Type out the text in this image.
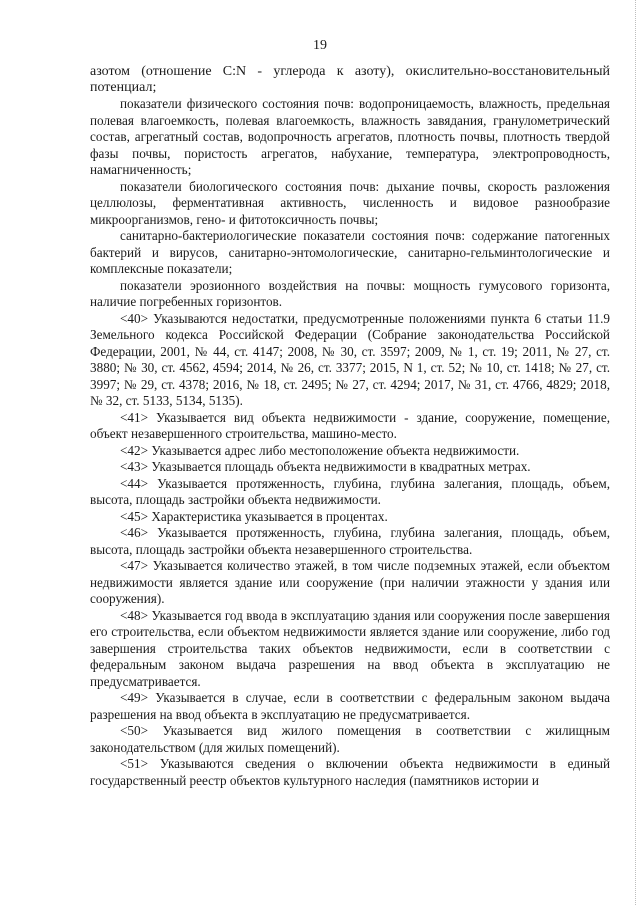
19

азотом (отношение C:N - углерода к азоту), окислительно-восстановительный потенциал;

показатели физического состояния почв: водопроницаемость, влажность, предельная полевая влагоемкость, полевая влагоемкость, влажность завядания, гранулометрический состав, агрегатный состав, водопрочность агрегатов, плотность почвы, плотность твердой фазы почвы, пористость агрегатов, набухание, температура, электропроводность, намагниченность;

показатели биологического состояния почв: дыхание почвы, скорость разложения целлюлозы, ферментативная активность, численность и видовое разнообразие микроорганизмов, гено- и фитотоксичность почвы;

санитарно-бактериологические показатели состояния почв: содержание патогенных бактерий и вирусов, санитарно-энтомологические, санитарно-гельминтологические и комплексные показатели;

показатели эрозионного воздействия на почвы: мощность гумусового горизонта, наличие погребенных горизонтов.

<40> Указываются недостатки, предусмотренные положениями пункта 6 статьи 11.9 Земельного кодекса Российской Федерации (Собрание законодательства Российской Федерации, 2001, № 44, ст. 4147; 2008, № 30, ст. 3597; 2009, № 1, ст. 19; 2011, № 27, ст. 3880; № 30, ст. 4562, 4594; 2014, № 26, ст. 3377; 2015, N 1, ст. 52; № 10, ст. 1418; № 27, ст. 3997; № 29, ст. 4378; 2016, № 18, ст. 2495; № 27, ст. 4294; 2017, № 31, ст. 4766, 4829; 2018, № 32, ст. 5133, 5134, 5135).

<41> Указывается вид объекта недвижимости - здание, сооружение, помещение, объект незавершенного строительства, машино-место.

<42> Указывается адрес либо местоположение объекта недвижимости.

<43> Указывается площадь объекта недвижимости в квадратных метрах.

<44> Указывается протяженность, глубина, глубина залегания, площадь, объем, высота, площадь застройки объекта недвижимости.

<45> Характеристика указывается в процентах.

<46> Указывается протяженность, глубина, глубина залегания, площадь, объем, высота, площадь застройки объекта незавершенного строительства.

<47> Указывается количество этажей, в том числе подземных этажей, если объектом недвижимости является здание или сооружение (при наличии этажности у здания или сооружения).

<48> Указывается год ввода в эксплуатацию здания или сооружения после завершения его строительства, если объектом недвижимости является здание или сооружение, либо год завершения строительства таких объектов недвижимости, если в соответствии с федеральным законом выдача разрешения на ввод объекта в эксплуатацию не предусматривается.

<49> Указывается в случае, если в соответствии с федеральным законом выдача разрешения на ввод объекта в эксплуатацию не предусматривается.

<50> Указывается вид жилого помещения в соответствии с жилищным законодательством (для жилых помещений).

<51> Указываются сведения о включении объекта недвижимости в единый государственный реестр объектов культурного наследия (памятников истории и
